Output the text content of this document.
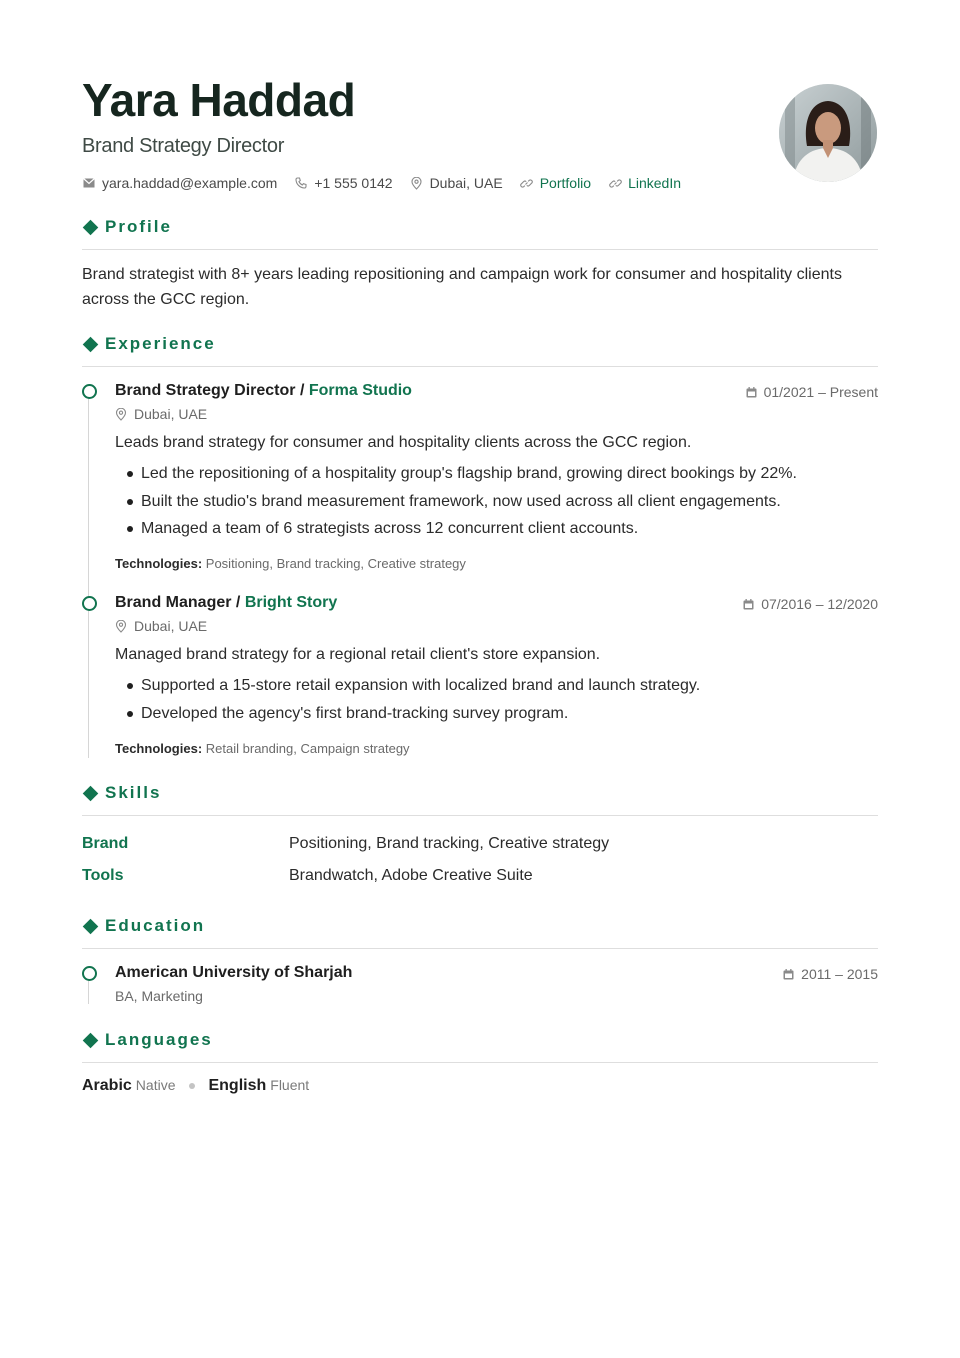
Yara Haddad
Brand Strategy Director
yara.haddad@example.com	+1 555 0142	Dubai, UAE	Portfolio	LinkedIn
Profile
Brand strategist with 8+ years leading repositioning and campaign work for consumer and hospitality clients across the GCC region.
Experience
Brand Strategy Director / Forma Studio	01/2021 – Present
Dubai, UAE
Leads brand strategy for consumer and hospitality clients across the GCC region.
Led the repositioning of a hospitality group's flagship brand, growing direct bookings by 22%.
Built the studio's brand measurement framework, now used across all client engagements.
Managed a team of 6 strategists across 12 concurrent client accounts.
Technologies: Positioning, Brand tracking, Creative strategy
Brand Manager / Bright Story	07/2016 – 12/2020
Dubai, UAE
Managed brand strategy for a regional retail client's store expansion.
Supported a 15-store retail expansion with localized brand and launch strategy.
Developed the agency's first brand-tracking survey program.
Technologies: Retail branding, Campaign strategy
Skills
Brand	Positioning, Brand tracking, Creative strategy
Tools	Brandwatch, Adobe Creative Suite
Education
American University of Sharjah	2011 – 2015
BA, Marketing
Languages
Arabic Native English Fluent
